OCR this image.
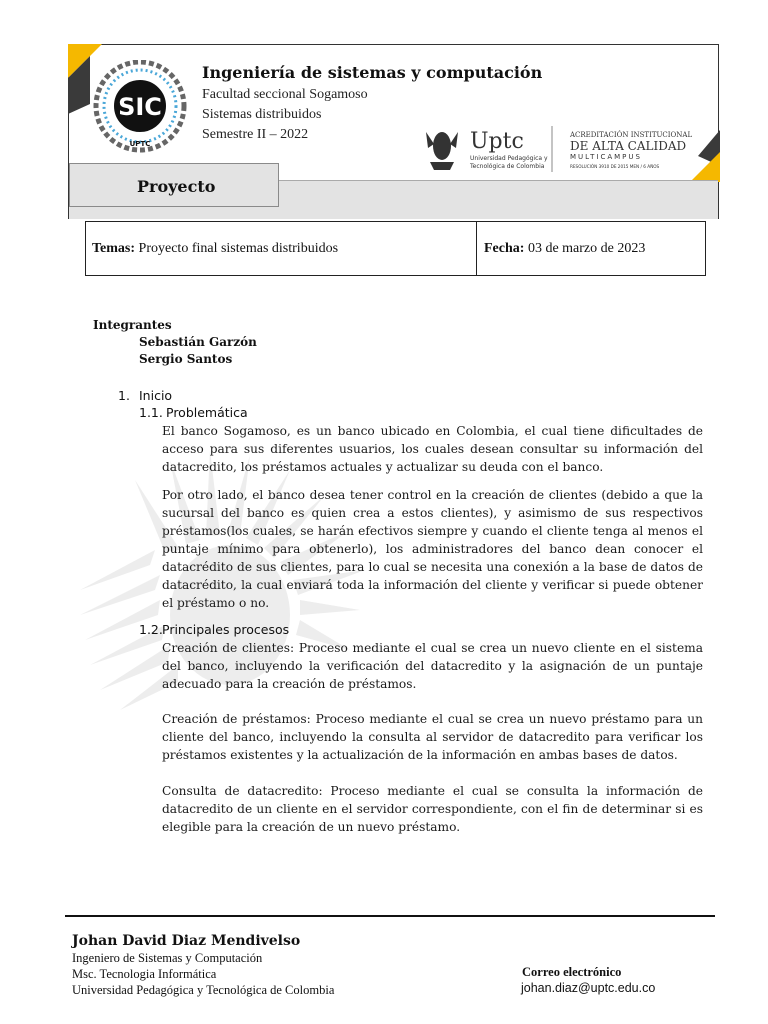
SIC
UPTC
Ingeniería de sistemas y computación
Facultad seccional Sogamoso
Sistemas distribuidos
Semestre II – 2022	Uptc
Universidad Pedagógica y
Tecnológica de Colombia
ACREDITACIÓN INSTITUCIONAL
DE ALTA CALIDAD
MULTICAMPUS
RESOLUCIÓN 3910 DE 2015 MEN / 6 AÑOS
Proyecto
Temas: Proyecto final sistemas distribuidos	Fecha: 03 de marzo de 2023
Integrantes
Sebastián Garzón
Sergio Santos
1. Inicio
1.1. Problemática

El banco Sogamoso, es un banco ubicado en Colombia, el cual tiene dificultades de acceso para sus diferentes usuarios, los cuales desean consultar su información del datacredito, los préstamos actuales y actualizar su deuda con el banco.

Por otro lado, el banco desea tener control en la creación de clientes (debido a que la sucursal del banco es quien crea a estos clientes), y asimismo de sus respectivos préstamos(los cuales, se harán efectivos siempre y cuando el cliente tenga al menos el puntaje mínimo para obtenerlo), los administradores del banco dean conocer el datacrédito de sus clientes, para lo cual se necesita una conexión a la base de datos de datacrédito, la cual enviará toda la información del cliente y verificar si puede obtener el préstamo o no.

1.2. Principales procesos

Creación de clientes: Proceso mediante el cual se crea un nuevo cliente en el sistema del banco, incluyendo la verificación del datacredito y la asignación de un puntaje adecuado para la creación de préstamos.

Creación de préstamos: Proceso mediante el cual se crea un nuevo préstamo para un cliente del banco, incluyendo la consulta al servidor de datacredito para verificar los préstamos existentes y la actualización de la información en ambas bases de datos.

Consulta de datacredito: Proceso mediante el cual se consulta la información de datacredito de un cliente en el servidor correspondiente, con el fin de determinar si es elegible para la creación de un nuevo préstamo.

Johan David Diaz Mendivelso
Ingeniero de Sistemas y Computación
Msc. Tecnologia Informática
Universidad Pedagógica y Tecnológica de Colombia
Correo electrónico
johan.diaz@uptc.edu.co
